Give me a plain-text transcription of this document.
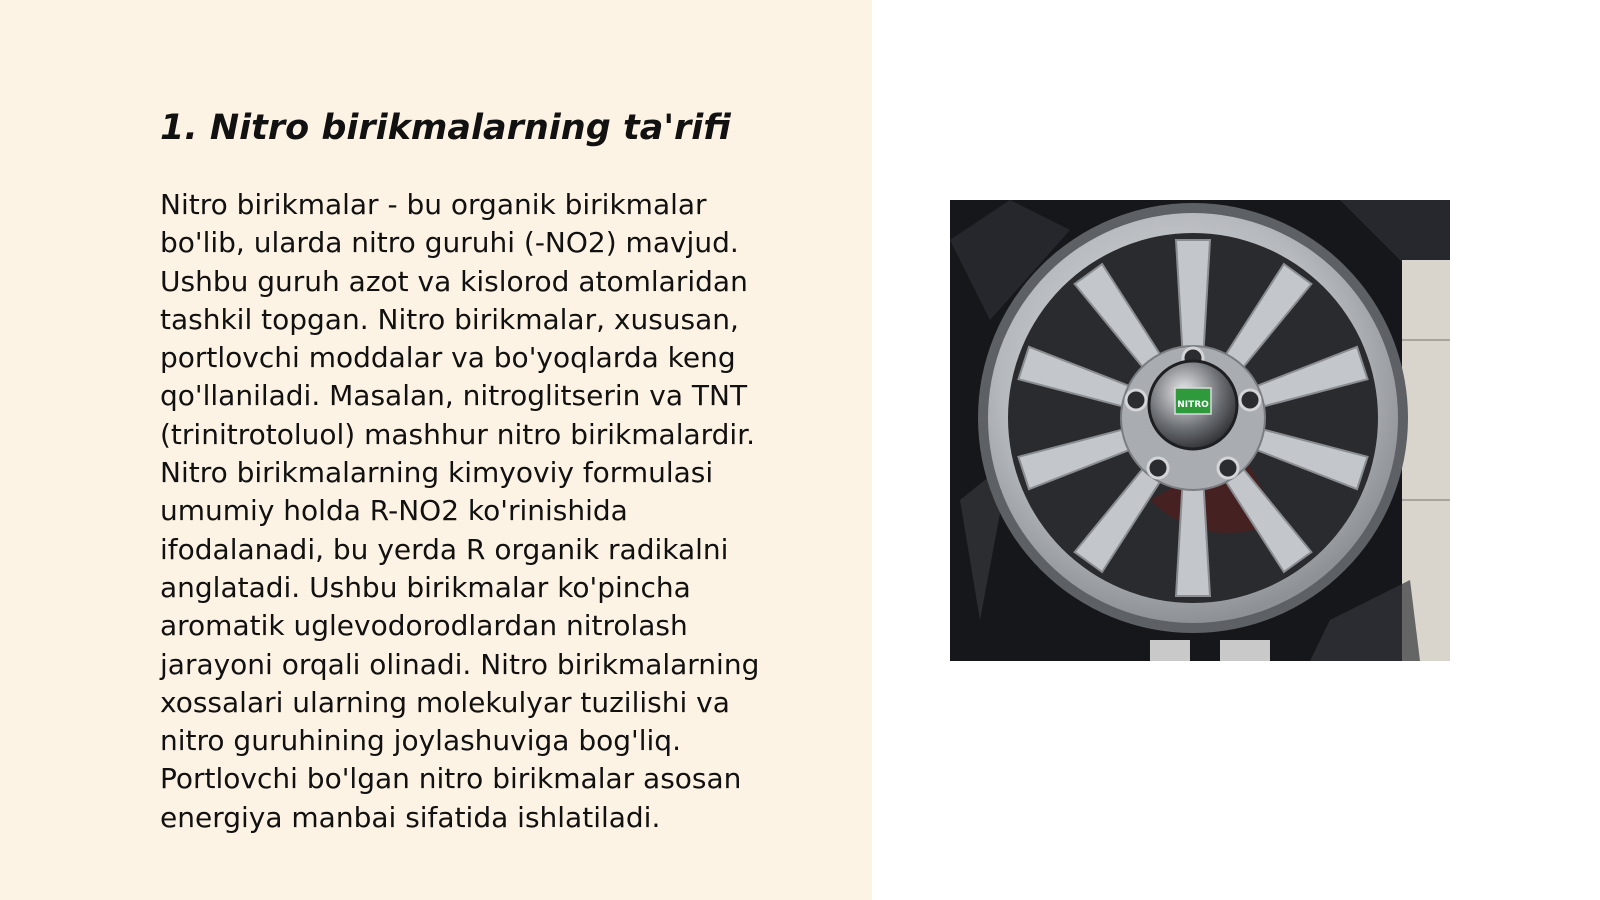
1. Nitro birikmalarning ta'rifi

Nitro birikmalar - bu organik birikmalar
bo'lib, ularda nitro guruhi (-NO2) mavjud.
Ushbu guruh azot va kislorod atomlaridan
tashkil topgan. Nitro birikmalar, xususan,
portlovchi moddalar va bo'yoqlarda keng
qo'llaniladi. Masalan, nitroglitserin va TNT
(trinitrotoluol) mashhur nitro birikmalardir.
Nitro birikmalarning kimyoviy formulasi
umumiy holda R-NO2 ko'rinishida
ifodalanadi, bu yerda R organik radikalni
anglatadi. Ushbu birikmalar ko'pincha
aromatik uglevodorodlardan nitrolash
jarayoni orqali olinadi. Nitro birikmalarning
xossalari ularning molekulyar tuzilishi va
nitro guruhining joylashuviga bog'liq.
Portlovchi bo'lgan nitro birikmalar asosan
energiya manbai sifatida ishlatiladi.

NITRO
